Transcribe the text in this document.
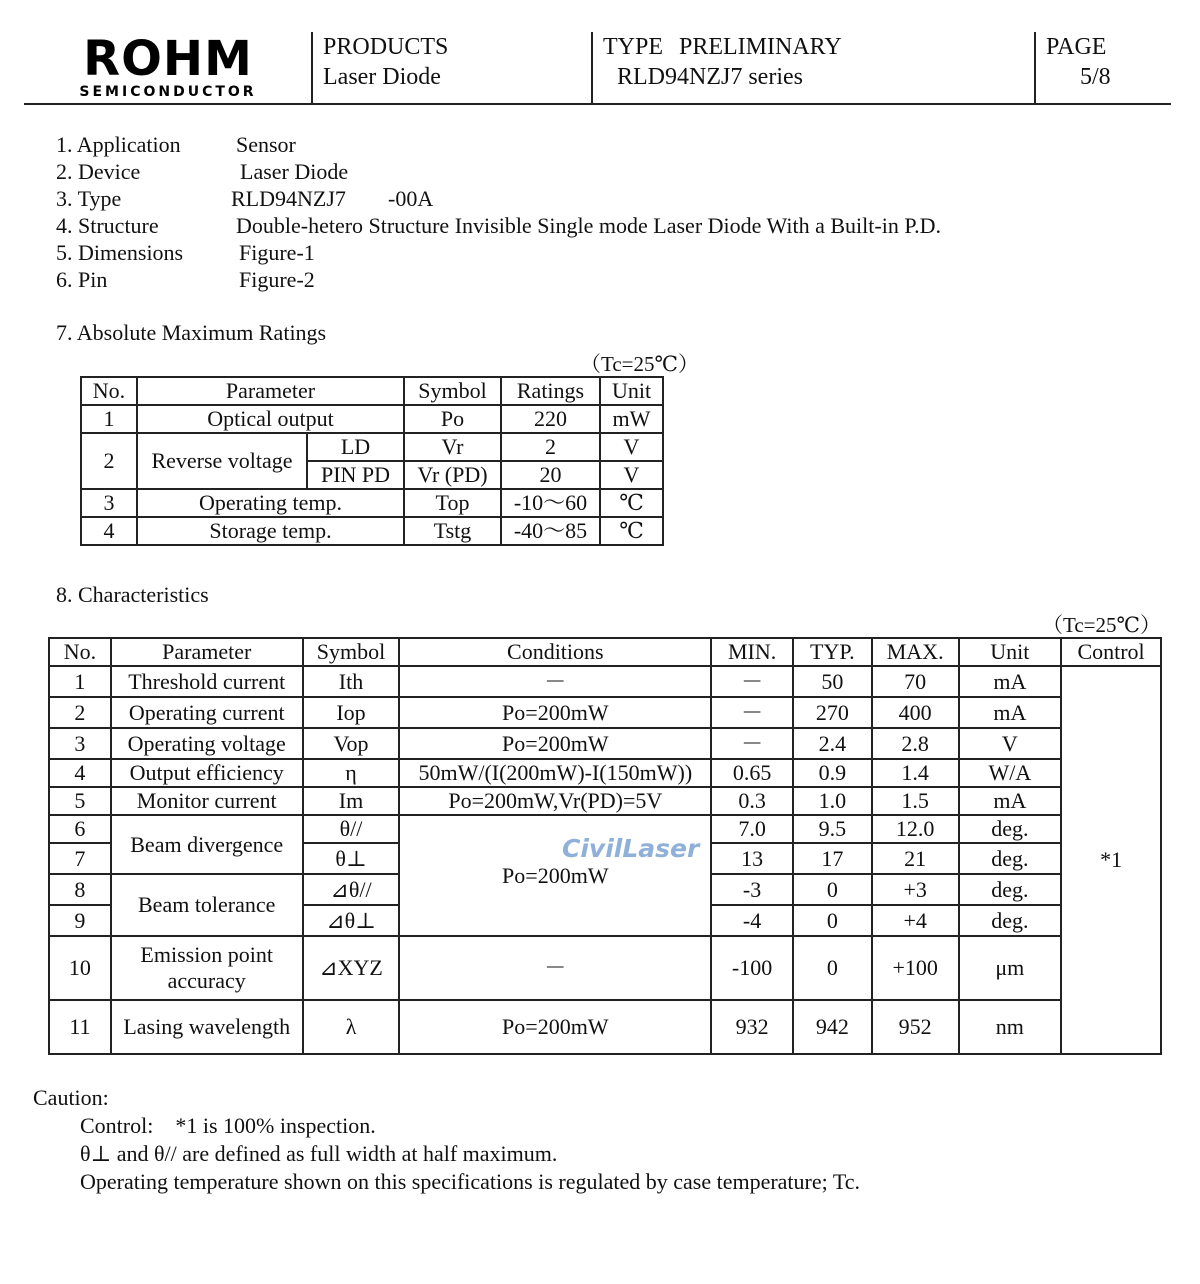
ROHM
SEMICONDUCTOR
PRODUCTS
Laser Diode
TYPE PRELIMINARY
RLD94NZJ7 series
PAGE
5/8
1. Application	Sensor
2. Device	Laser Diode
3. Type	RLD94NZJ7 -00A
4. Structure	Double-hetero Structure Invisible Single mode Laser Diode With a Built-in P.D.
5. Dimensions	Figure-1
6. Pin	Figure-2
7. Absolute Maximum Ratings
（Tc=25℃）
No.	Parameter		Symbol	Ratings	Unit
1	Optical output		Po	220	mW
2	Reverse voltage	LD	Vr	2	V
		PIN PD	Vr (PD)	20	V
3	Operating temp.		Top	-10～60	℃
4	Storage temp.		Tstg	-40～85	℃
8. Characteristics
（Tc=25℃）
No.	Parameter	Symbol	Conditions	MIN.	TYP.	MAX.	Unit	Control
1	Threshold current	Ith	－	－	50	70	mA	*1
2	Operating current	Iop	Po=200mW	－	270	400	mA	
3	Operating voltage	Vop	Po=200mW	－	2.4	2.8	V	
4	Output efficiency	η	50mW/(I(200mW)-I(150mW))	0.65	0.9	1.4	W/A	
5	Monitor current	Im	Po=200mW,Vr(PD)=5V	0.3	1.0	1.5	mA	
6	Beam divergence	θ//	Po=200mW	7.0	9.5	12.0	deg.	
7		θ⊥		13	17	21	deg.	
8	Beam tolerance	⊿θ//		-3	0	+3	deg.	
9		⊿θ⊥		-4	0	+4	deg.	
10	Emission point accuracy	⊿XYZ	－	-100	0	+100	μm	
11	Lasing wavelength	λ	Po=200mW	932	942	952	nm	
CivilLaser
Caution:
Control: *1 is 100% inspection.
θ⊥ and θ// are defined as full width at half maximum.
Operating temperature shown on this specifications is regulated by case temperature; Tc.
